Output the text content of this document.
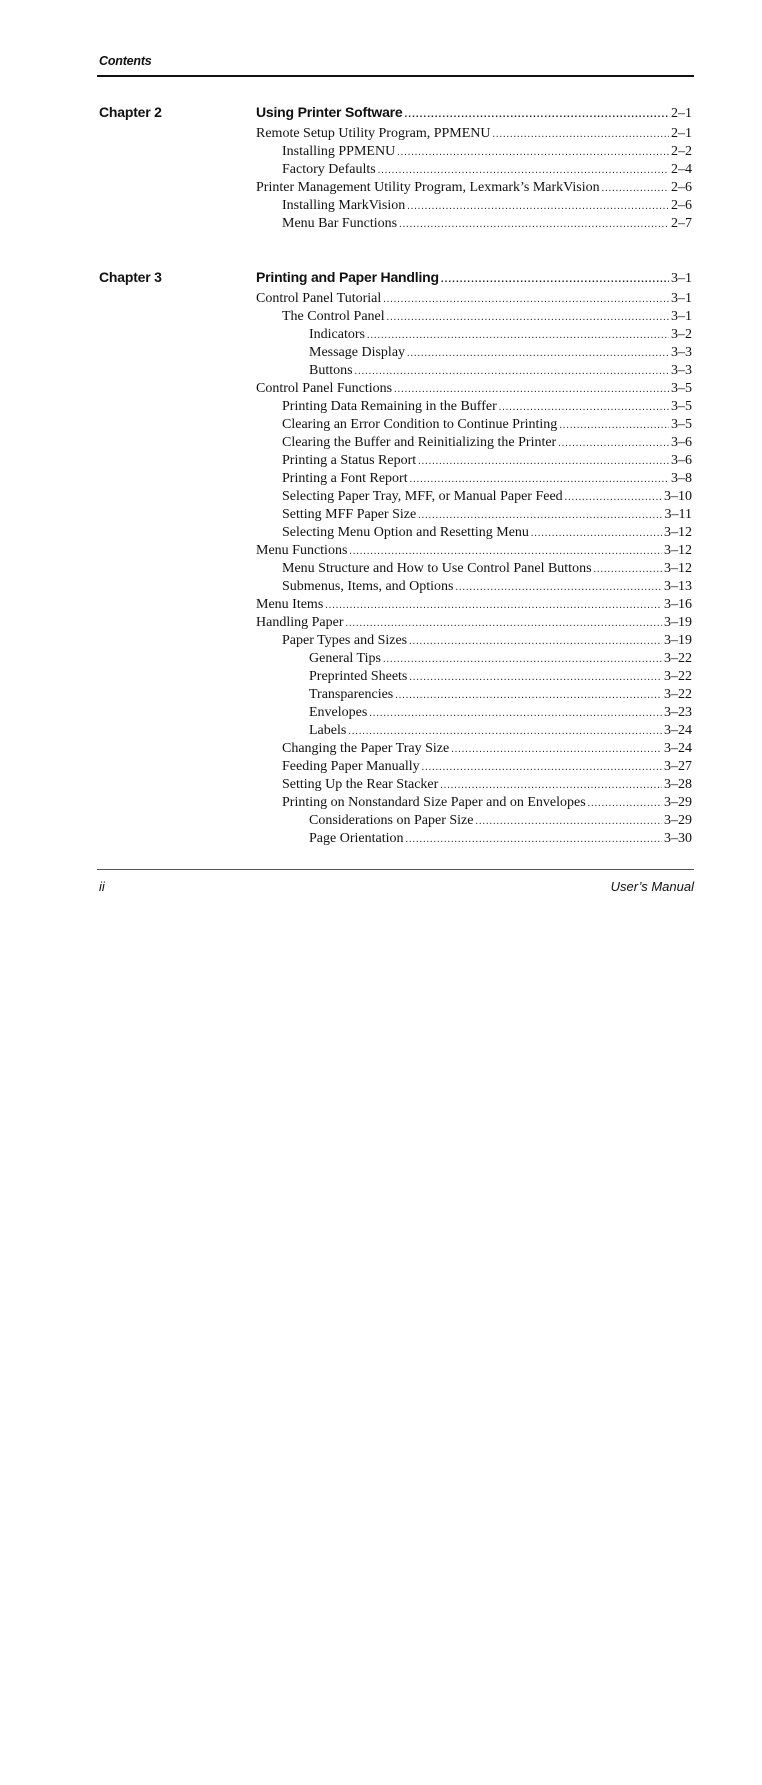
Contents
Chapter 2	Using Printer Software .....	2–1
Remote Setup Utility Program, PPMENU .....	2–1
Installing PPMENU .....	2–2
Factory Defaults .....	2–4
Printer Management Utility Program, Lexmark’s MarkVision .....	2–6
Installing MarkVision .....	2–6
Menu Bar Functions .....	2–7
Chapter 3	Printing and Paper Handling .....	3–1
Control Panel Tutorial .....	3–1
The Control Panel .....	3–1
Indicators .....	3–2
Message Display .....	3–3
Buttons .....	3–3
Control Panel Functions .....	3–5
Printing Data Remaining in the Buffer .....	3–5
Clearing an Error Condition to Continue Printing .....	3–5
Clearing the Buffer and Reinitializing the Printer .....	3–6
Printing a Status Report .....	3–6
Printing a Font Report .....	3–8
Selecting Paper Tray, MFF, or Manual Paper Feed .....	3–10
Setting MFF Paper Size .....	3–11
Selecting Menu Option and Resetting Menu .....	3–12
Menu Functions .....	3–12
Menu Structure and How to Use Control Panel Buttons .....	3–12
Submenus, Items, and Options .....	3–13
Menu Items .....	3–16
Handling Paper .....	3–19
Paper Types and Sizes .....	3–19
General Tips .....	3–22
Preprinted Sheets .....	3–22
Transparencies .....	3–22
Envelopes .....	3–23
Labels .....	3–24
Changing the Paper Tray Size .....	3–24
Feeding Paper Manually .....	3–27
Setting Up the Rear Stacker .....	3–28
Printing on Nonstandard Size Paper and on Envelopes .....	3–29
Considerations on Paper Size .....	3–29
Page Orientation .....	3–30
ii	User’s Manual
